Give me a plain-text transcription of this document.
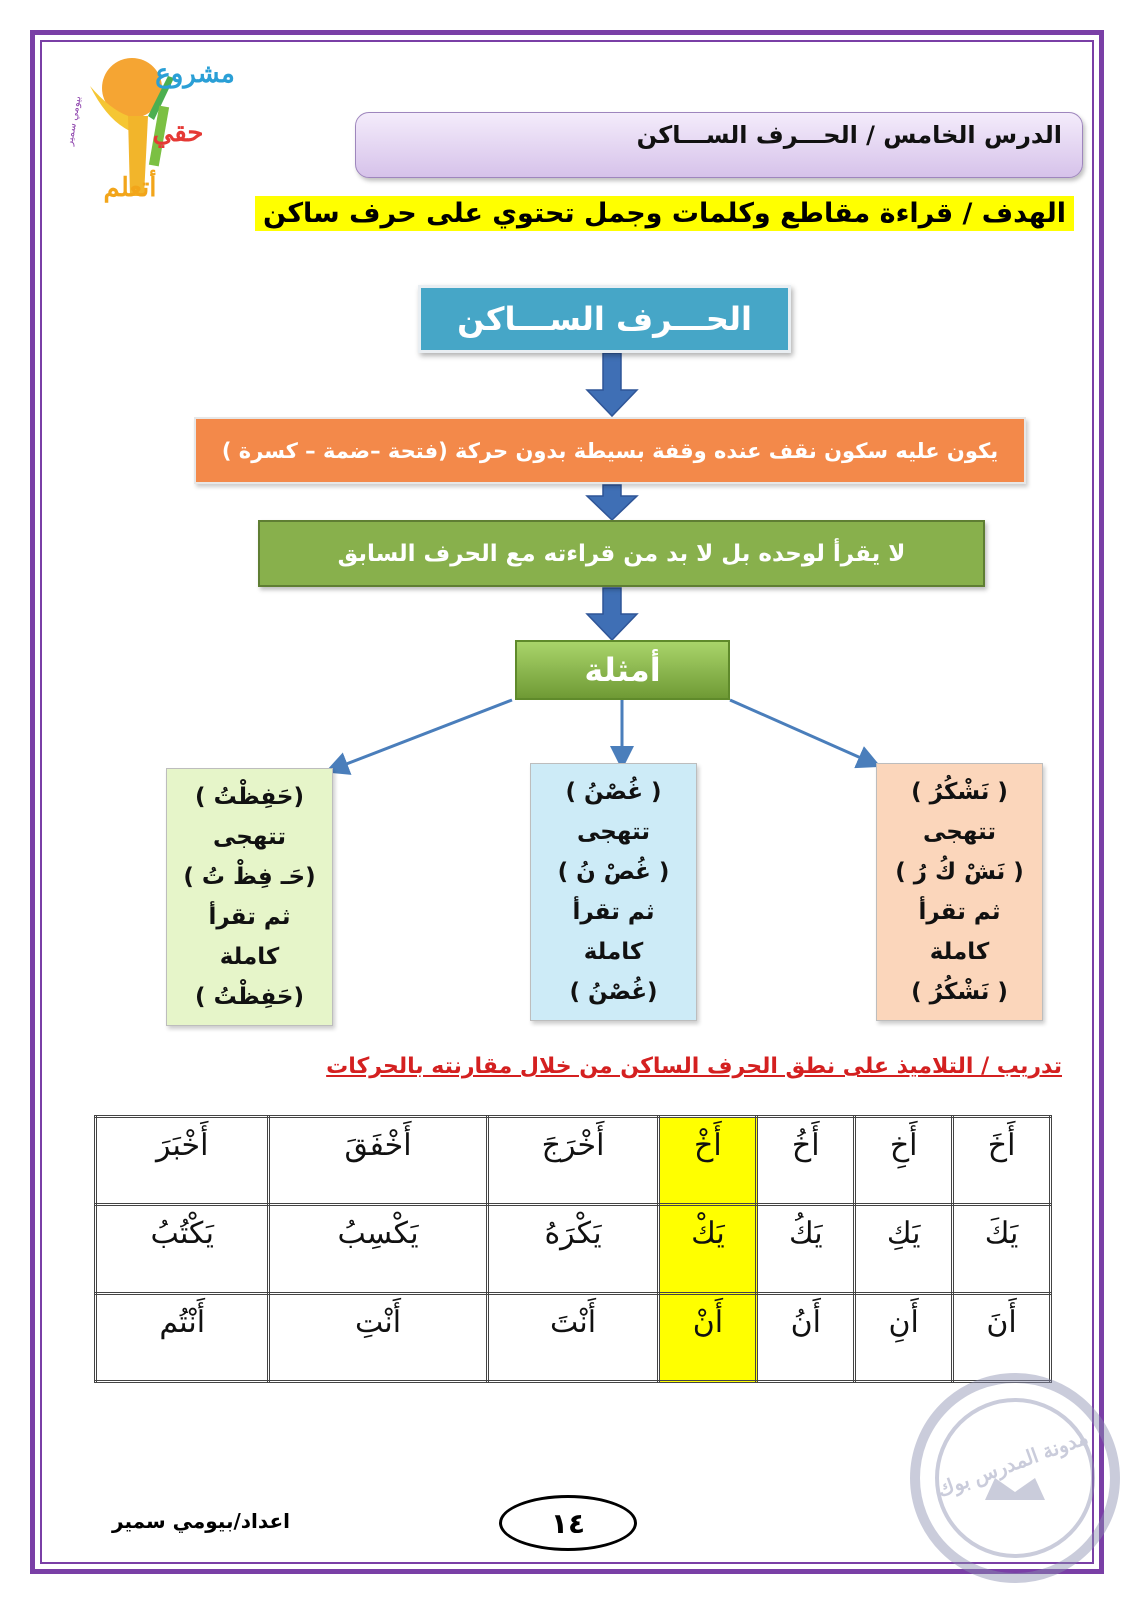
مشروع
حقي
أتعلم
بيومي سمير	الدرس الخامس / الحـــرف الســـاكن
الهدف / قراءة مقاطع وكلمات وجمل تحتوي على حرف ساكن
الحـــرف الســـاكن
يكون عليه سكون نقف عنده وقفة بسيطة بدون حركة (فتحة –ضمة – كسرة )
لا يقرأ لوحده بل لا بد من قراءته مع الحرف السابق
أمثلة
( نَشْكُرُ )
تتهجى
( نَشْ كُ رُ )
ثم تقرأ
كاملة
( نَشْكُرُ )
( غُصْنُ )
تتهجى
( غُصْ نُ )
ثم تقرأ
كاملة
(غُصْنُ )
(حَفِظْتُ )
تتهجى
(حَـ فِظْ تُ )
ثم تقرأ
كاملة
(حَفِظْتُ )
تدريب / التلاميذ على نطق الحرف الساكن من خلال مقارنته بالحركات
أَخَ	أَخِ	أَخُ	أَخْ	أَخْرَجَ	أَخْفَقَ	أَخْبَرَ
يَكَ	يَكِ	يَكُ	يَكْ	يَكْرَهُ	يَكْسِبُ	يَكْتُبُ
أَنَ	أَنِ	أَنُ	أَنْ	أَنْتَ	أَنْتِ	أَنْتُم
مدونة المدرس بوك
١٤
اعداد/بيومي سمير
